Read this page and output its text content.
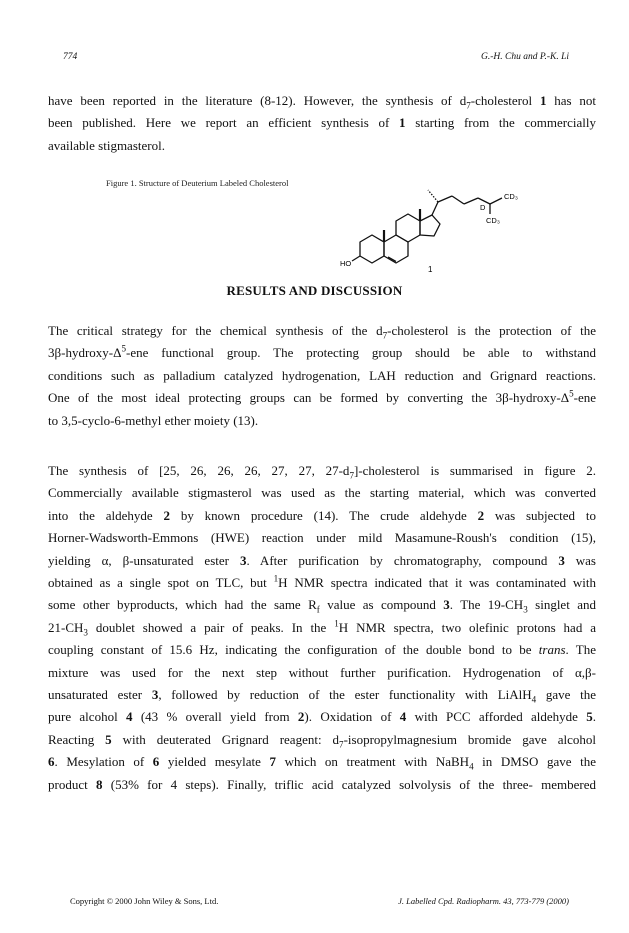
774	G.-H. Chu and P.-K. Li
have been reported in the literature (8-12). However, the synthesis of $d_7$-cholesterol 1 has not
been published. Here we report an efficient synthesis of 1 starting from the commercially
available stigmasterol.
Figure 1. Structure of Deuterium Labeled Cholesterol
CD₃
D
CD₃
HO
1
RESULTS AND DISCUSSION
The critical strategy for the chemical synthesis of the $d_7$-cholesterol is the protection of the
$3\beta-hydroxy-\Delta^5$-ene functional group. The protecting group should be able to withstand
conditions such as palladium catalyzed hydrogenation, LAH reduction and Grignard reactions.
One of the most ideal protecting groups can be formed by converting the $3\beta-hydroxy-\Delta^5$-ene
to 3,5-cyclo-6-methyl ether moiety (13).
The synthesis of [25, 26, 26, 26, 27, 27, $27-d_7$]-cholesterol is summarised in figure 2.
Commercially available stigmasterol was used as the starting material, which was converted
into the aldehyde 2 by known procedure (14). The crude aldehyde 2 was subjected to
Horner-Wadsworth-Emmons (HWE) reaction under mild Masamune-Roush's condition (15),
yielding α, β-unsaturated ester 3. After purification by chromatography, compound 3 was
obtained as a single spot on TLC, but $^1$H NMR spectra indicated that it was contaminated with
some other byproducts, which had the same $R_f$ value as compound 3. The $19-CH_3$ singlet and
$21-CH_3$ doublet showed a pair of peaks. In the $^1$H NMR spectra, two olefinic protons had a
coupling constant of 15.6 Hz, indicating the configuration of the double bond to be trans. The
mixture was used for the next step without further purification. Hydrogenation of α,β-
unsaturated ester 3, followed by reduction of the ester functionality with LiAlH$_4$ gave the
pure alcohol 4 (43 % overall yield from 2). Oxidation of 4 with PCC afforded aldehyde 5.
Reacting 5 with deuterated Grignard reagent: $d_7$-isopropylmagnesium bromide gave alcohol
6. Mesylation of 6 yielded mesylate 7 which on treatment with NaBH$_4$ in DMSO gave the
product 8 (53% for 4 steps). Finally, triflic acid catalyzed solvolysis of the three- membered
Copyright © 2000 John Wiley & Sons, Ltd.	J. Labelled Cpd. Radiopharm. 43, 773-779 (2000)
